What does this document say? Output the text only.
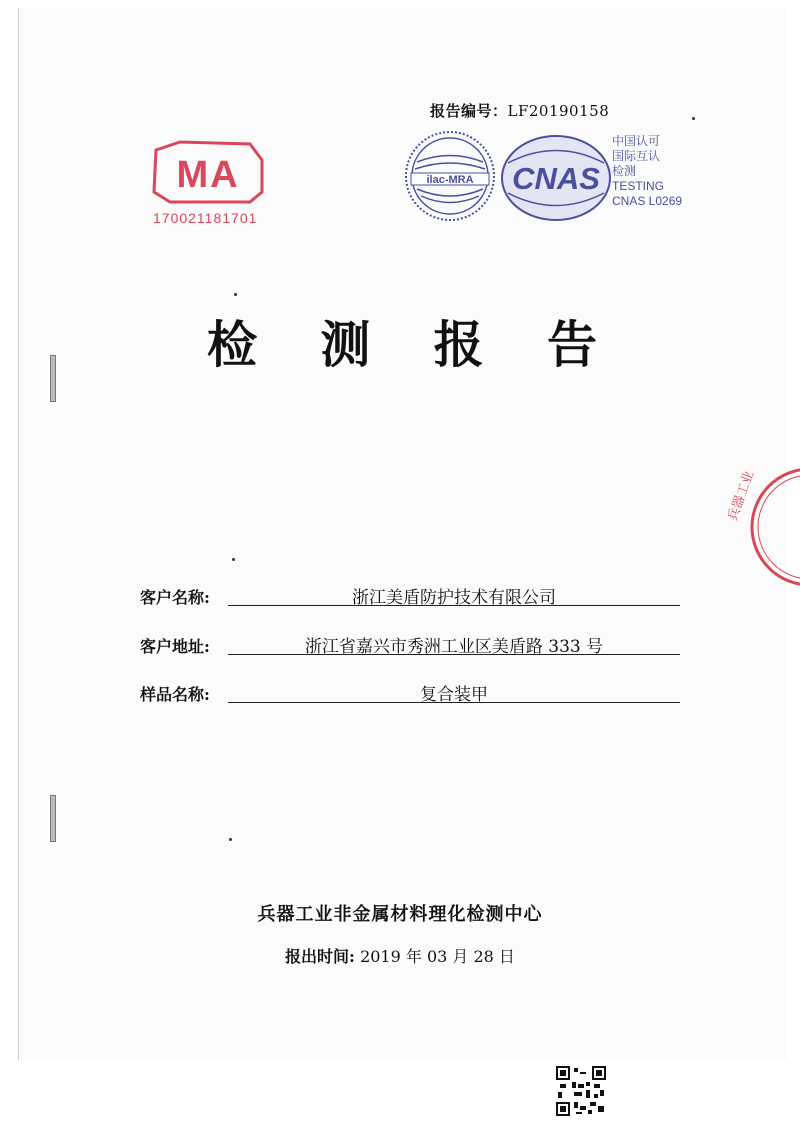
报告编号：LF20190158
MA
170021181701
ilac-MRA CNAS
中国认可
国际互认
检测
TESTING
CNAS L0269
检 测 报 告
客户名称:	浙江美盾防护技术有限公司
客户地址:	浙江省嘉兴市秀洲工业区美盾路 333 号
样品名称:	复合装甲
兵器工业
兵器工业非金属材料理化检测中心
报出时间: 2019 年 03 月 28 日
